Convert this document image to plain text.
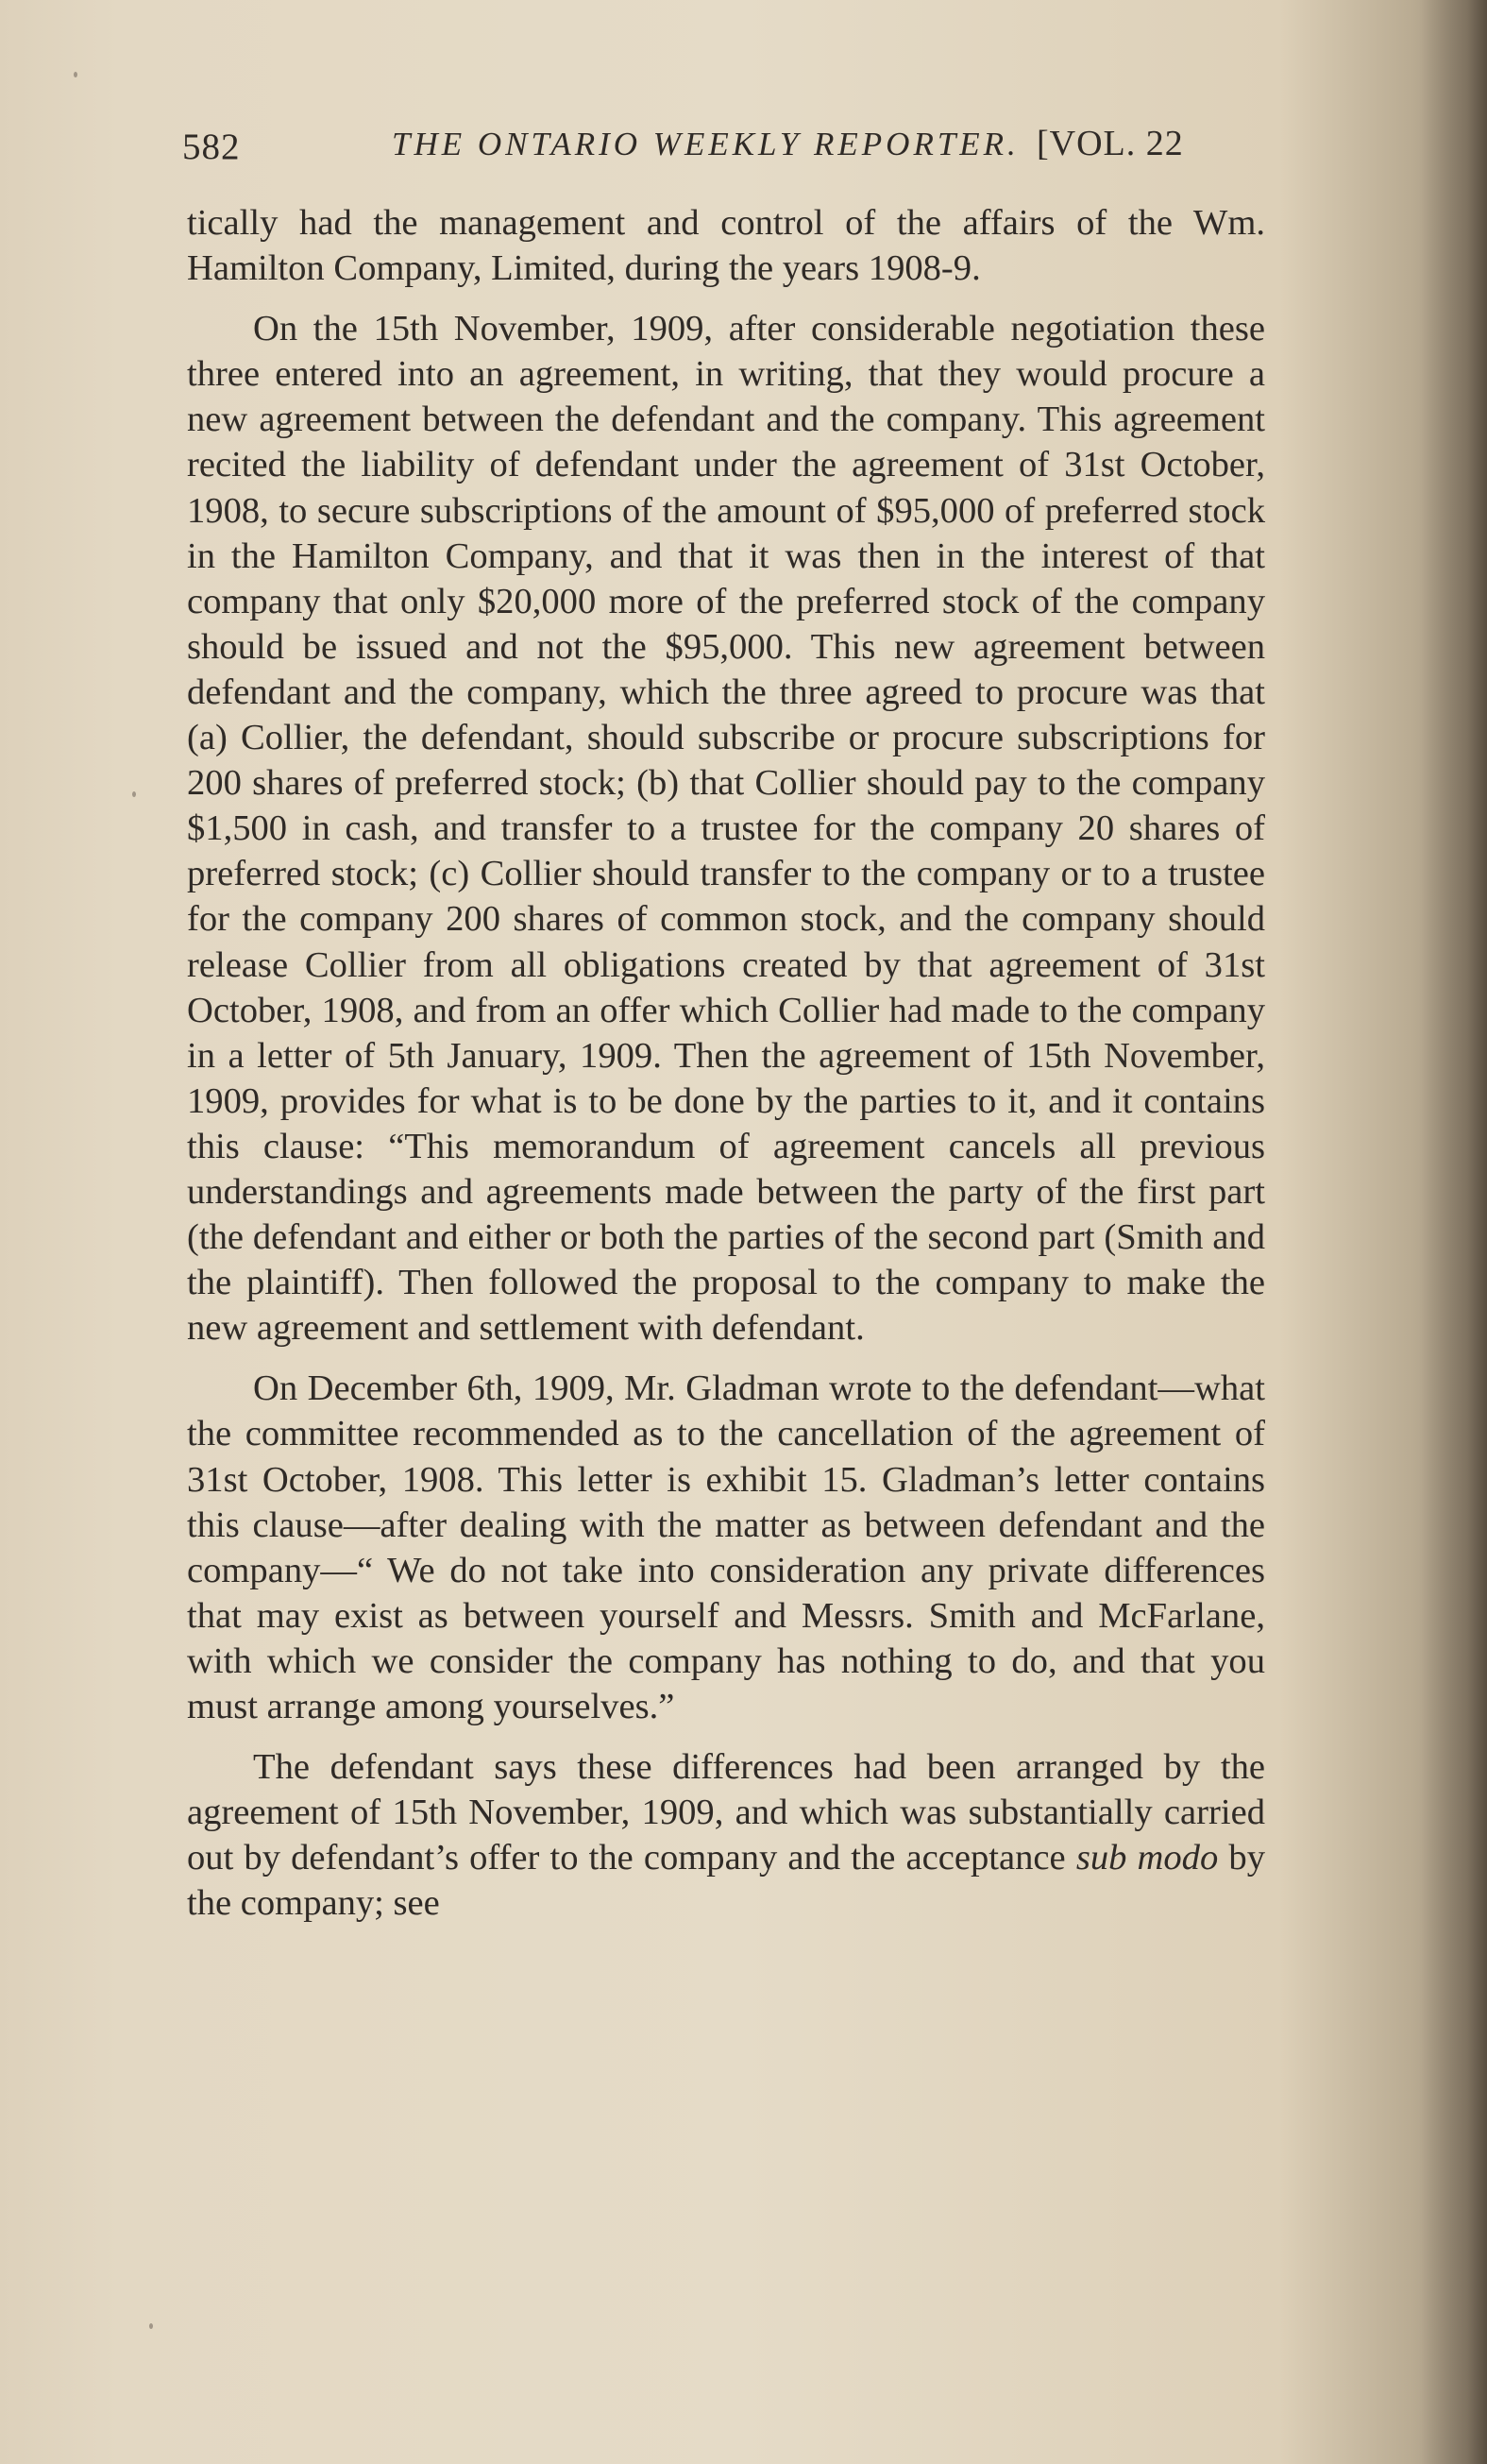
582	THE ONTARIO WEEKLY REPORTER. [VOL. 22

tically had the management and control of the affairs of the Wm. Hamilton Company, Limited, during the years 1908-9.

On the 15th November, 1909, after considerable negotiation these three entered into an agreement, in writing, that they would procure a new agreement between the defendant and the company. This agreement recited the liability of defendant under the agreement of 31st October, 1908, to secure subscriptions of the amount of $95,000 of preferred stock in the Hamilton Company, and that it was then in the interest of that company that only $20,000 more of the preferred stock of the company should be issued and not the $95,000. This new agreement between defendant and the company, which the three agreed to procure was that (a) Collier, the defendant, should subscribe or procure subscriptions for 200 shares of preferred stock; (b) that Collier should pay to the company $1,500 in cash, and transfer to a trustee for the company 20 shares of preferred stock; (c) Collier should transfer to the company or to a trustee for the company 200 shares of common stock, and the company should release Collier from all obligations created by that agreement of 31st October, 1908, and from an offer which Collier had made to the company in a letter of 5th January, 1909. Then the agreement of 15th November, 1909, provides for what is to be done by the parties to it, and it contains this clause: “This memorandum of agreement cancels all previous understandings and agreements made between the party of the first part (the defendant and either or both the parties of the second part (Smith and the plaintiff). Then followed the proposal to the company to make the new agreement and settlement with defendant.

On December 6th, 1909, Mr. Gladman wrote to the defendant—what the committee recommended as to the cancellation of the agreement of 31st October, 1908. This letter is exhibit 15. Gladman’s letter contains this clause—after dealing with the matter as between defendant and the company—“ We do not take into consideration any private differences that may exist as between yourself and Messrs. Smith and McFarlane, with which we consider the company has nothing to do, and that you must arrange among yourselves.”

The defendant says these differences had been arranged by the agreement of 15th November, 1909, and which was substantially carried out by defendant’s offer to the company and the acceptance sub modo by the company; see
